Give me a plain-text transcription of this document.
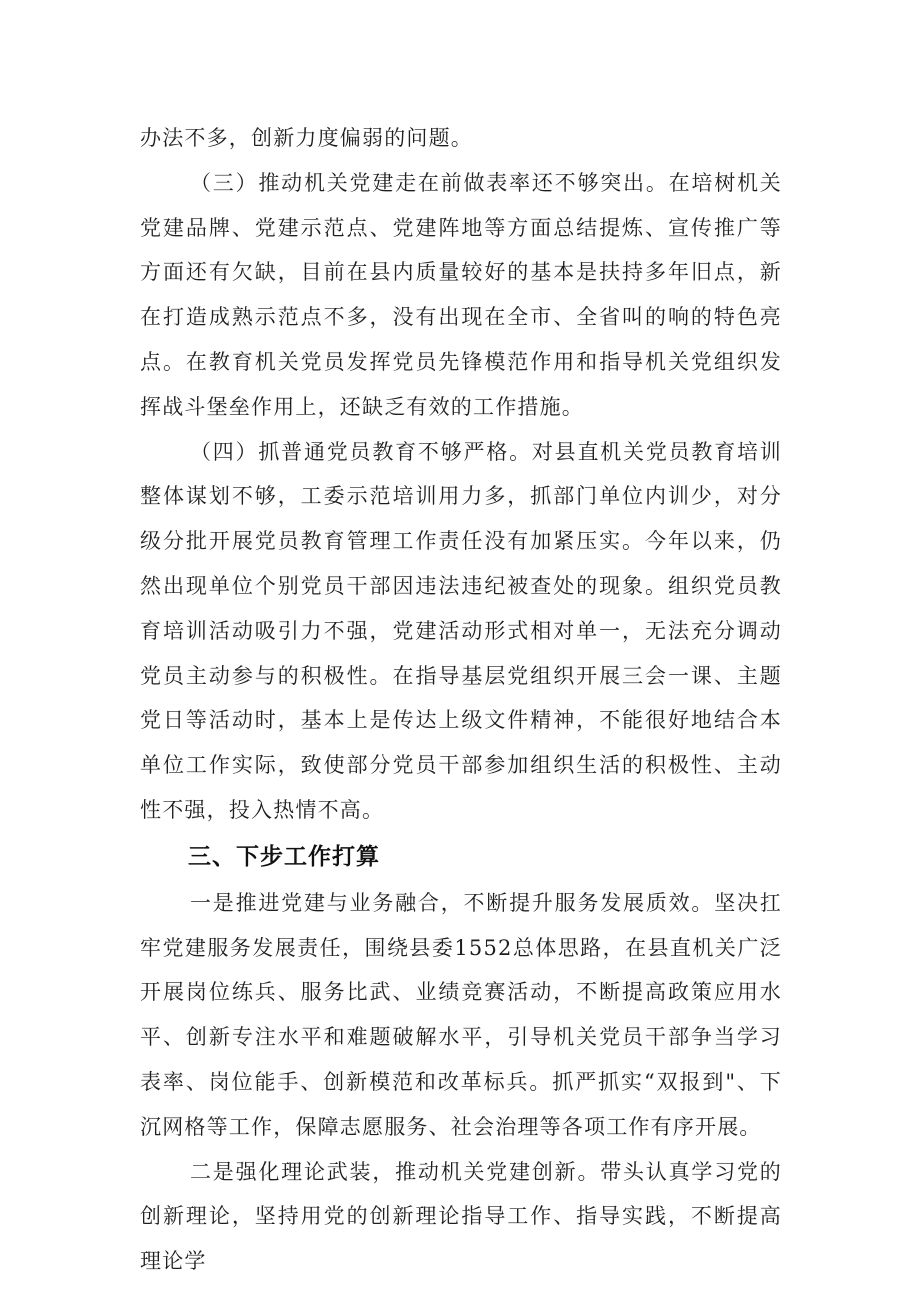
办法不多，创新力度偏弱的问题。

（三）推动机关党建走在前做表率还不够突出。在培树机关党建品牌、党建示范点、党建阵地等方面总结提炼、宣传推广等方面还有欠缺，目前在县内质量较好的基本是扶持多年旧点，新在打造成熟示范点不多，没有出现在全市、全省叫的响的特色亮点。在教育机关党员发挥党员先锋模范作用和指导机关党组织发挥战斗堡垒作用上，还缺乏有效的工作措施。

（四）抓普通党员教育不够严格。对县直机关党员教育培训整体谋划不够，工委示范培训用力多，抓部门单位内训少，对分级分批开展党员教育管理工作责任没有加紧压实。今年以来，仍然出现单位个别党员干部因违法违纪被查处的现象。组织党员教育培训活动吸引力不强，党建活动形式相对单一，无法充分调动党员主动参与的积极性。在指导基层党组织开展三会一课、主题党日等活动时，基本上是传达上级文件精神，不能很好地结合本单位工作实际，致使部分党员干部参加组织生活的积极性、主动性不强，投入热情不高。

三、下步工作打算

一是推进党建与业务融合，不断提升服务发展质效。坚决扛牢党建服务发展责任，围绕县委1552总体思路，在县直机关广泛开展岗位练兵、服务比武、业绩竞赛活动，不断提高政策应用水平、创新专注水平和难题破解水平，引导机关党员干部争当学习表率、岗位能手、创新模范和改革标兵。抓严抓实“双报到"、下沉网格等工作，保障志愿服务、社会治理等各项工作有序开展。

二是强化理论武装，推动机关党建创新。带头认真学习党的创新理论，坚持用党的创新理论指导工作、指导实践，不断提高理论学
